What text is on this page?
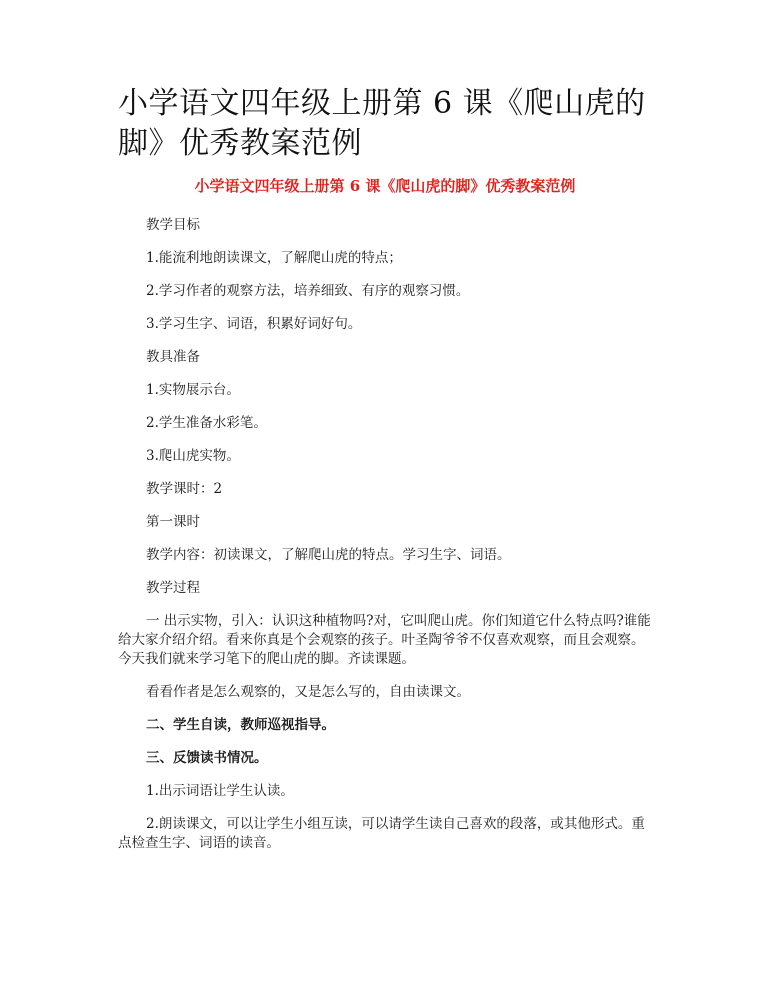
小学语文四年级上册第 6 课《爬山虎的脚》优秀教案范例

小学语文四年级上册第 6 课《爬山虎的脚》优秀教案范例

教学目标

1.能流利地朗读课文，了解爬山虎的特点；

2.学习作者的观察方法，培养细致、有序的观察习惯。

3.学习生字、词语，积累好词好句。

教具准备

1.实物展示台。

2.学生准备水彩笔。

3.爬山虎实物。

教学课时：2

第一课时

教学内容：初读课文，了解爬山虎的特点。学习生字、词语。

教学过程

一 出示实物，引入：认识这种植物吗?对，它叫爬山虎。你们知道它什么特点吗?谁能给大家介绍介绍。看来你真是个会观察的孩子。叶圣陶爷爷不仅喜欢观察，而且会观察。今天我们就来学习笔下的爬山虎的脚。齐读课题。

看看作者是怎么观察的，又是怎么写的，自由读课文。

二、学生自读，教师巡视指导。

三、反馈读书情况。

1.出示词语让学生认读。

2.朗读课文，可以让学生小组互读，可以请学生读自己喜欢的段落，或其他形式。重点检查生字、词语的读音。
